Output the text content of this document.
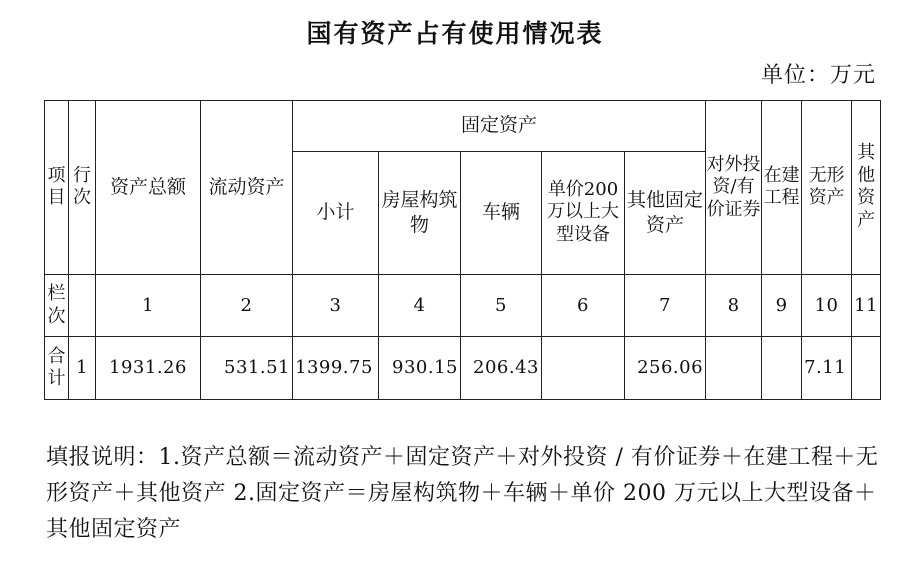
国有资产占有使用情况表
单位：万元
项目	行次	资产总额	流动资产	固定资产					对外投资/有价证券	在建工程	无形资产	其他资产
				小计	房屋构筑物	车辆	单价200万以上大型设备	其他固定资产				
栏次		1	2	3	4	5	6	7	8	9	10	11
合计	1	1931.26	531.51	1399.75	930.15	206.43		256.06			7.11	
填报说明：1.资产总额＝流动资产＋固定资产＋对外投资 / 有价证券＋在建工程＋无形资产＋其他资产 2.固定资产＝房屋构筑物＋车辆＋单价 200 万元以上大型设备＋其他固定资产
